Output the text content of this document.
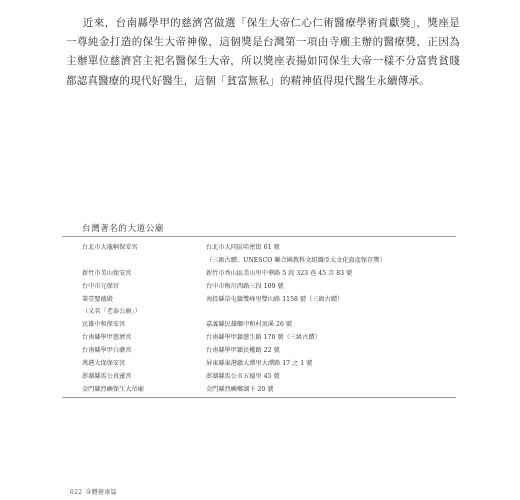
近來，台南縣學甲的慈濟宮做選「保生大帝仁心仁術醫療學術貢獻獎」，獎座是一尊純金打造的保生大帝神像，這個獎是台灣第一項由寺廟主辦的醫療獎，正因為主辦單位慈濟宮主祀名醫保生大帝，所以獎座表揚如同保生大帝一樣不分富貴貧賤都認真醫療的現代好醫生，這個「貧富無私」的精神值得現代醫生永續傳承。

台灣著名的大道公廟
台北市大龍峒保安宮	台北市大同區哈密街 61 號
（三級古蹟、UNESCO 聯合國教科文組織亞太文化資產保存獎）
新竹市美山保安宮	新竹市香山區美山里中華路 5 段 323 巷 45 弄 83 號
台中市元保宮	台中市梅川西路三段 109 號
第壹聖德殿	南投縣草屯鎮雙峰里雙山路 1158 號（三級古蹟）
（又名「老泰公廟」）
民雄中和保安宮	嘉義縣民雄鄉中和村頂溪 26 號
台南縣學甲慈濟宮	台南縣學甲鎮慈生路 170 號（三級古蹟）
台南縣學甲白礁宮	台南縣學甲鎮民權路 22 號
萬港大保保安宮	屏東縣東港鎮大潭里大潭路 17 之 1 號
澎湖縣馬公真靈宮	澎湖縣馬公市五德里 45 號
金門縣烈嶼保生大帝廟	金門縣烈嶼鄉湖下 20 號
022 身體健康篇
